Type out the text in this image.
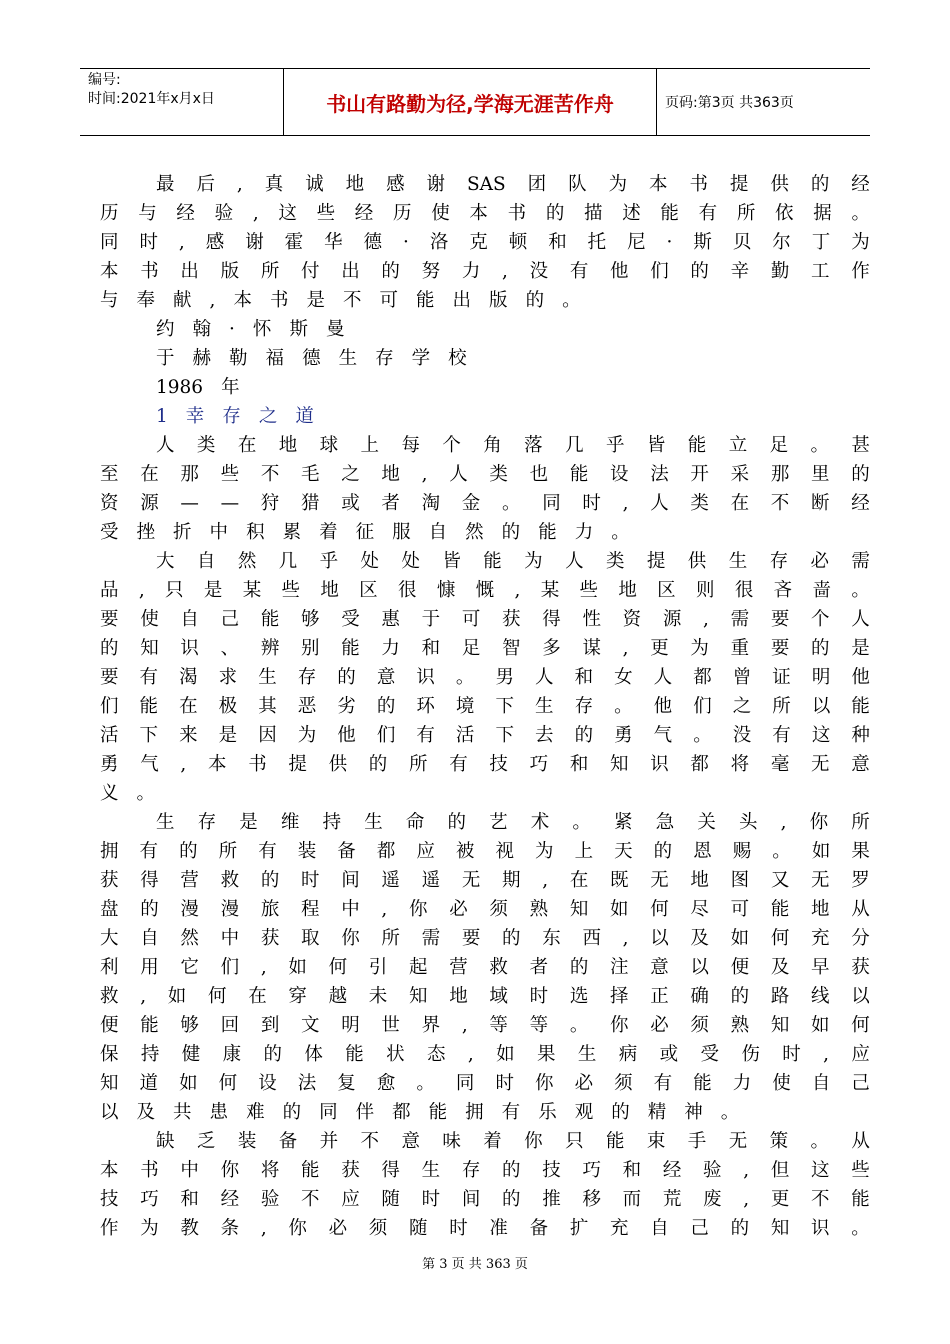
编号:
时间:2021年x月x日	书山有路勤为径,学海无涯苦作舟	页码:第3页 共363页
最 后 , 真 诚 地 感 谢 SAS 团 队 为 本 书 提 供 的 经
历 与 经 验 , 这 些 经 历 使 本 书 的 描 述 能 有 所 依 据 。
同 时 , 感 谢 霍 华 德 · 洛 克 顿 和 托 尼 · 斯 贝 尔 丁 为
本 书 出 版 所 付 出 的 努 力 , 没 有 他 们 的 辛 勤 工 作
与 奉 献 , 本 书 是 不 可 能 出 版 的 。
约 翰 · 怀 斯 曼
于 赫 勒 福 德 生 存 学 校
1986 年
1 幸 存 之 道
人 类 在 地 球 上 每 个 角 落 几 乎 皆 能 立 足 。 甚
至 在 那 些 不 毛 之 地 , 人 类 也 能 设 法 开 采 那 里 的
资 源 — — 狩 猎 或 者 淘 金 。 同 时 , 人 类 在 不 断 经
受 挫 折 中 积 累 着 征 服 自 然 的 能 力 。
大 自 然 几 乎 处 处 皆 能 为 人 类 提 供 生 存 必 需
品 , 只 是 某 些 地 区 很 慷 慨 , 某 些 地 区 则 很 吝 啬 。
要 使 自 己 能 够 受 惠 于 可 获 得 性 资 源 , 需 要 个 人
的 知 识 、 辨 别 能 力 和 足 智 多 谋 , 更 为 重 要 的 是
要 有 渴 求 生 存 的 意 识 。 男 人 和 女 人 都 曾 证 明 他
们 能 在 极 其 恶 劣 的 环 境 下 生 存 。 他 们 之 所 以 能
活 下 来 是 因 为 他 们 有 活 下 去 的 勇 气 。 没 有 这 种
勇 气 , 本 书 提 供 的 所 有 技 巧 和 知 识 都 将 毫 无 意
义 。
生 存 是 维 持 生 命 的 艺 术 。 紧 急 关 头 , 你 所
拥 有 的 所 有 装 备 都 应 被 视 为 上 天 的 恩 赐 。 如 果
获 得 营 救 的 时 间 遥 遥 无 期 , 在 既 无 地 图 又 无 罗
盘 的 漫 漫 旅 程 中 , 你 必 须 熟 知 如 何 尽 可 能 地 从
大 自 然 中 获 取 你 所 需 要 的 东 西 , 以 及 如 何 充 分
利 用 它 们 , 如 何 引 起 营 救 者 的 注 意 以 便 及 早 获
救 , 如 何 在 穿 越 未 知 地 域 时 选 择 正 确 的 路 线 以
便 能 够 回 到 文 明 世 界 , 等 等 。 你 必 须 熟 知 如 何
保 持 健 康 的 体 能 状 态 , 如 果 生 病 或 受 伤 时 , 应
知 道 如 何 设 法 复 愈 。 同 时 你 必 须 有 能 力 使 自 己
以 及 共 患 难 的 同 伴 都 能 拥 有 乐 观 的 精 神 。
缺 乏 装 备 并 不 意 味 着 你 只 能 束 手 无 策 。 从
本 书 中 你 将 能 获 得 生 存 的 技 巧 和 经 验 , 但 这 些
技 巧 和 经 验 不 应 随 时 间 的 推 移 而 荒 废 , 更 不 能
作 为 教 条 , 你 必 须 随 时 准 备 扩 充 自 己 的 知 识 。
第 3 页 共 363 页
